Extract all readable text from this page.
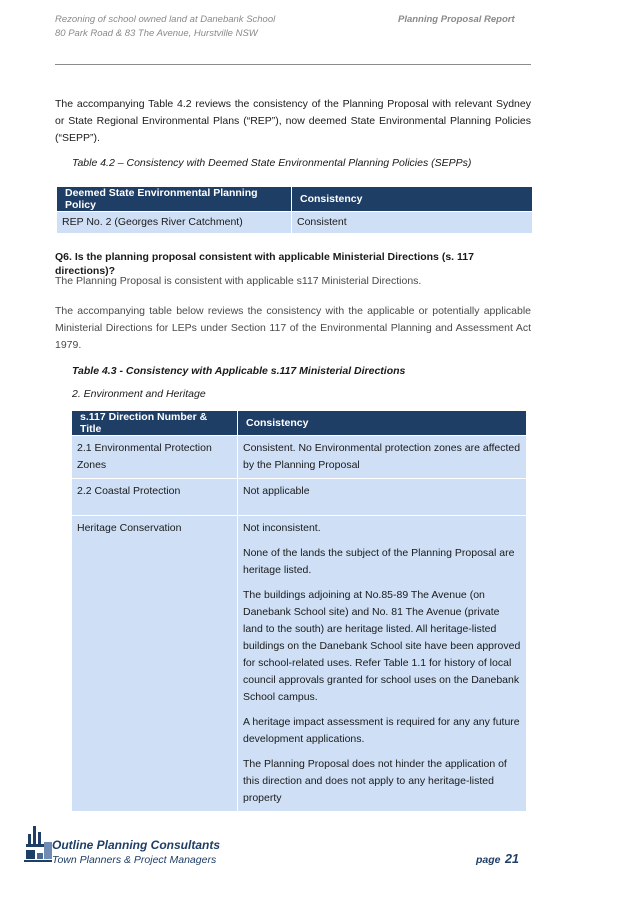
Rezoning of school owned land at Danebank School
80 Park Road & 83 The Avenue, Hurstville NSW
Planning Proposal Report
The accompanying Table 4.2 reviews the consistency of the Planning Proposal with relevant Sydney or State Regional Environmental Plans (“REP”), now deemed State Environmental Planning Policies (“SEPP”).
Table 4.2 – Consistency with Deemed State Environmental Planning Policies (SEPPs)
Deemed State Environmental Planning Policy	Consistency
REP No. 2 (Georges River Catchment)	Consistent
Q6. Is the planning proposal consistent with applicable Ministerial Directions (s. 117 directions)?
The Planning Proposal is consistent with applicable s117 Ministerial Directions.
The accompanying table below reviews the consistency with the applicable or potentially applicable Ministerial Directions for LEPs under Section 117 of the Environmental Planning and Assessment Act 1979.
Table 4.3 - Consistency with Applicable s.117 Ministerial Directions
2. Environment and Heritage
s.117 Direction Number & Title	Consistency

2.1 Environmental Protection Zones	Consistent. No Environmental protection zones are affected by the Planning Proposal

2.2 Coastal Protection	Not applicable

Heritage Conservation	Not inconsistent.

None of the lands the subject of the Planning Proposal are heritage listed.

The buildings adjoining at No.85-89 The Avenue (on Danebank School site) and No. 81 The Avenue (private land to the south) are heritage listed. All heritage-listed buildings on the Danebank School site have been approved for school-related uses. Refer Table 1.1 for history of local council approvals granted for school uses on the Danebank School campus.

A heritage impact assessment is required for any any future development applications.

The Planning Proposal does not hinder the application of this direction and does not apply to any heritage-listed property

Outline Planning Consultants
Town Planners & Project Managers	page 21
